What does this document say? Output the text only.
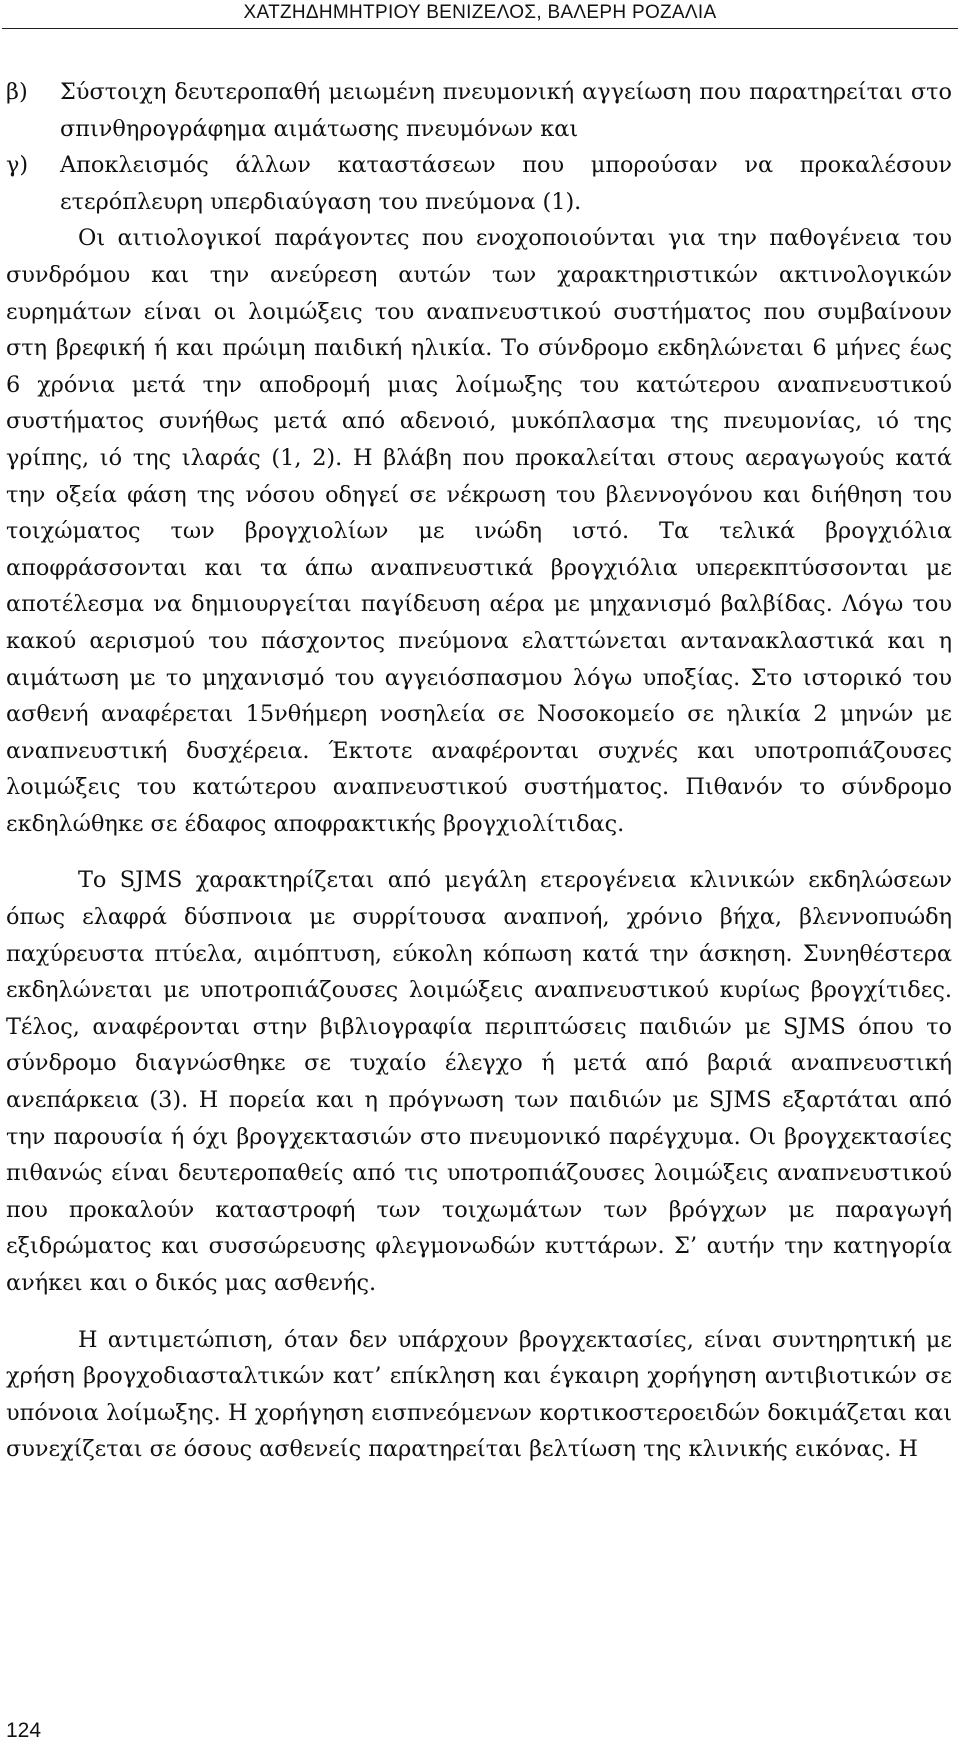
ΧΑΤΖΗΔΗΜΗΤΡΙΟΥ ΒΕΝΙΖΕΛΟΣ, ΒΑΛΕΡΗ ΡΟΖΑΛΙΑ
β)	Σύστοιχη δευτεροπαθή μειωμένη πνευμονική αγγείωση που παρατηρείται στο σπινθηρογράφημα αιμάτωσης πνευμόνων και
γ)	Αποκλεισμός άλλων καταστάσεων που μπορούσαν να προκαλέσουν ετερόπλευρη υπερδιαύγαση του πνεύμονα (1).

Οι αιτιολογικοί παράγοντες που ενοχοποιούνται για την παθογένεια του συνδρόμου και την ανεύρεση αυτών των χαρακτηριστικών ακτινολογικών ευρημάτων είναι οι λοιμώξεις του αναπνευστικού συστήματος που συμβαίνουν στη βρεφική ή και πρώιμη παιδική ηλικία. Το σύνδρομο εκδηλώνεται 6 μήνες έως 6 χρόνια μετά την αποδρομή μιας λοίμωξης του κατώτερου αναπνευστικού συστήματος συνήθως μετά από αδενοιό, μυκόπλασμα της πνευμονίας, ιό της γρίπης, ιό της ιλαράς (1, 2). Η βλάβη που προκαλείται στους αεραγωγούς κατά την οξεία φάση της νόσου οδηγεί σε νέκρωση του βλεννογόνου και διήθηση του τοιχώματος των βρογχιολίων με ινώδη ιστό. Τα τελικά βρογχιόλια αποφράσσονται και τα άπω αναπνευστικά βρογχιόλια υπερεκπτύσσονται με αποτέλεσμα να δημιουργείται παγίδευση αέρα με μηχανισμό βαλβίδας. Λόγω του κακού αερισμού του πάσχοντος πνεύμονα ελαττώνεται αντανακλαστικά και η αιμάτωση με το μηχανισμό του αγγειόσπασμου λόγω υποξίας. Στο ιστορικό του ασθενή αναφέρεται 15νθήμερη νοσηλεία σε Νοσοκομείο σε ηλικία 2 μηνών με αναπνευστική δυσχέρεια. Έκτοτε αναφέρονται συχνές και υποτροπιάζουσες λοιμώξεις του κατώτερου αναπνευστικού συστήματος. Πιθανόν το σύνδρομο εκδηλώθηκε σε έδαφος αποφρακτικής βρογχιολίτιδας.

Το SJMS χαρακτηρίζεται από μεγάλη ετερογένεια κλινικών εκδηλώσεων όπως ελαφρά δύσπνοια με συρρίτουσα αναπνοή, χρόνιο βήχα, βλεννοπυώδη παχύρευστα πτύελα, αιμόπτυση, εύκολη κόπωση κατά την άσκηση. Συνηθέστερα εκδηλώνεται με υποτροπιάζουσες λοιμώξεις αναπνευστικού κυρίως βρογχίτιδες. Τέλος, αναφέρονται στην βιβλιογραφία περιπτώσεις παιδιών με SJMS όπου το σύνδρομο διαγνώσθηκε σε τυχαίο έλεγχο ή μετά από βαριά αναπνευστική ανεπάρκεια (3). Η πορεία και η πρόγνωση των παιδιών με SJMS εξαρτάται από την παρουσία ή όχι βρογχεκτασιών στο πνευμονικό παρέγχυμα. Οι βρογχεκτασίες πιθανώς είναι δευτεροπαθείς από τις υποτροπιάζουσες λοιμώξεις αναπνευστικού που προκαλούν καταστροφή των τοιχωμάτων των βρόγχων με παραγωγή εξιδρώματος και συσσώρευσης φλεγμονωδών κυττάρων. Σ’ αυτήν την κατηγορία ανήκει και ο δικός μας ασθενής.

Η αντιμετώπιση, όταν δεν υπάρχουν βρογχεκτασίες, είναι συντηρητική με χρήση βρογχοδιασταλτικών κατ’ επίκληση και έγκαιρη χορήγηση αντιβιοτικών σε υπόνοια λοίμωξης. Η χορήγηση εισπνεόμενων κορτικοστεροειδών δοκιμάζεται και συνεχίζεται σε όσους ασθενείς παρατηρείται βελτίωση της κλινικής εικόνας. Η

124
